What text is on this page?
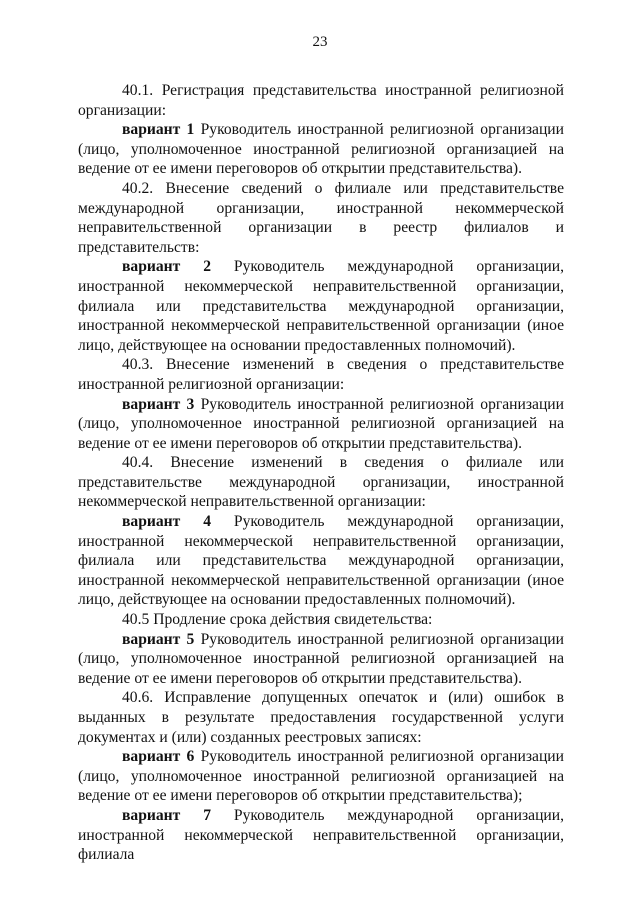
23

40.1. Регистрация представительства иностранной религиозной организации:

вариант 1 Руководитель иностранной религиозной организации (лицо, уполномоченное иностранной религиозной организацией на ведение от ее имени переговоров об открытии представительства).

40.2. Внесение сведений о филиале или представительстве международной организации, иностранной некоммерческой неправительственной организации в реестр филиалов и представительств:

вариант 2 Руководитель международной организации, иностранной некоммерческой неправительственной организации, филиала или представительства международной организации, иностранной некоммерческой неправительственной организации (иное лицо, действующее на основании предоставленных полномочий).

40.3. Внесение изменений в сведения о представительстве иностранной религиозной организации:

вариант 3 Руководитель иностранной религиозной организации (лицо, уполномоченное иностранной религиозной организацией на ведение от ее имени переговоров об открытии представительства).

40.4. Внесение изменений в сведения о филиале или представительстве международной организации, иностранной некоммерческой неправительственной организации:

вариант 4 Руководитель международной организации, иностранной некоммерческой неправительственной организации, филиала или представительства международной организации, иностранной некоммерческой неправительственной организации (иное лицо, действующее на основании предоставленных полномочий).

40.5 Продление срока действия свидетельства:

вариант 5 Руководитель иностранной религиозной организации (лицо, уполномоченное иностранной религиозной организацией на ведение от ее имени переговоров об открытии представительства).

40.6. Исправление допущенных опечаток и (или) ошибок в выданных в результате предоставления государственной услуги документах и (или) созданных реестровых записях:

вариант 6 Руководитель иностранной религиозной организации (лицо, уполномоченное иностранной религиозной организацией на ведение от ее имени переговоров об открытии представительства);

вариант 7 Руководитель международной организации, иностранной некоммерческой неправительственной организации, филиала
